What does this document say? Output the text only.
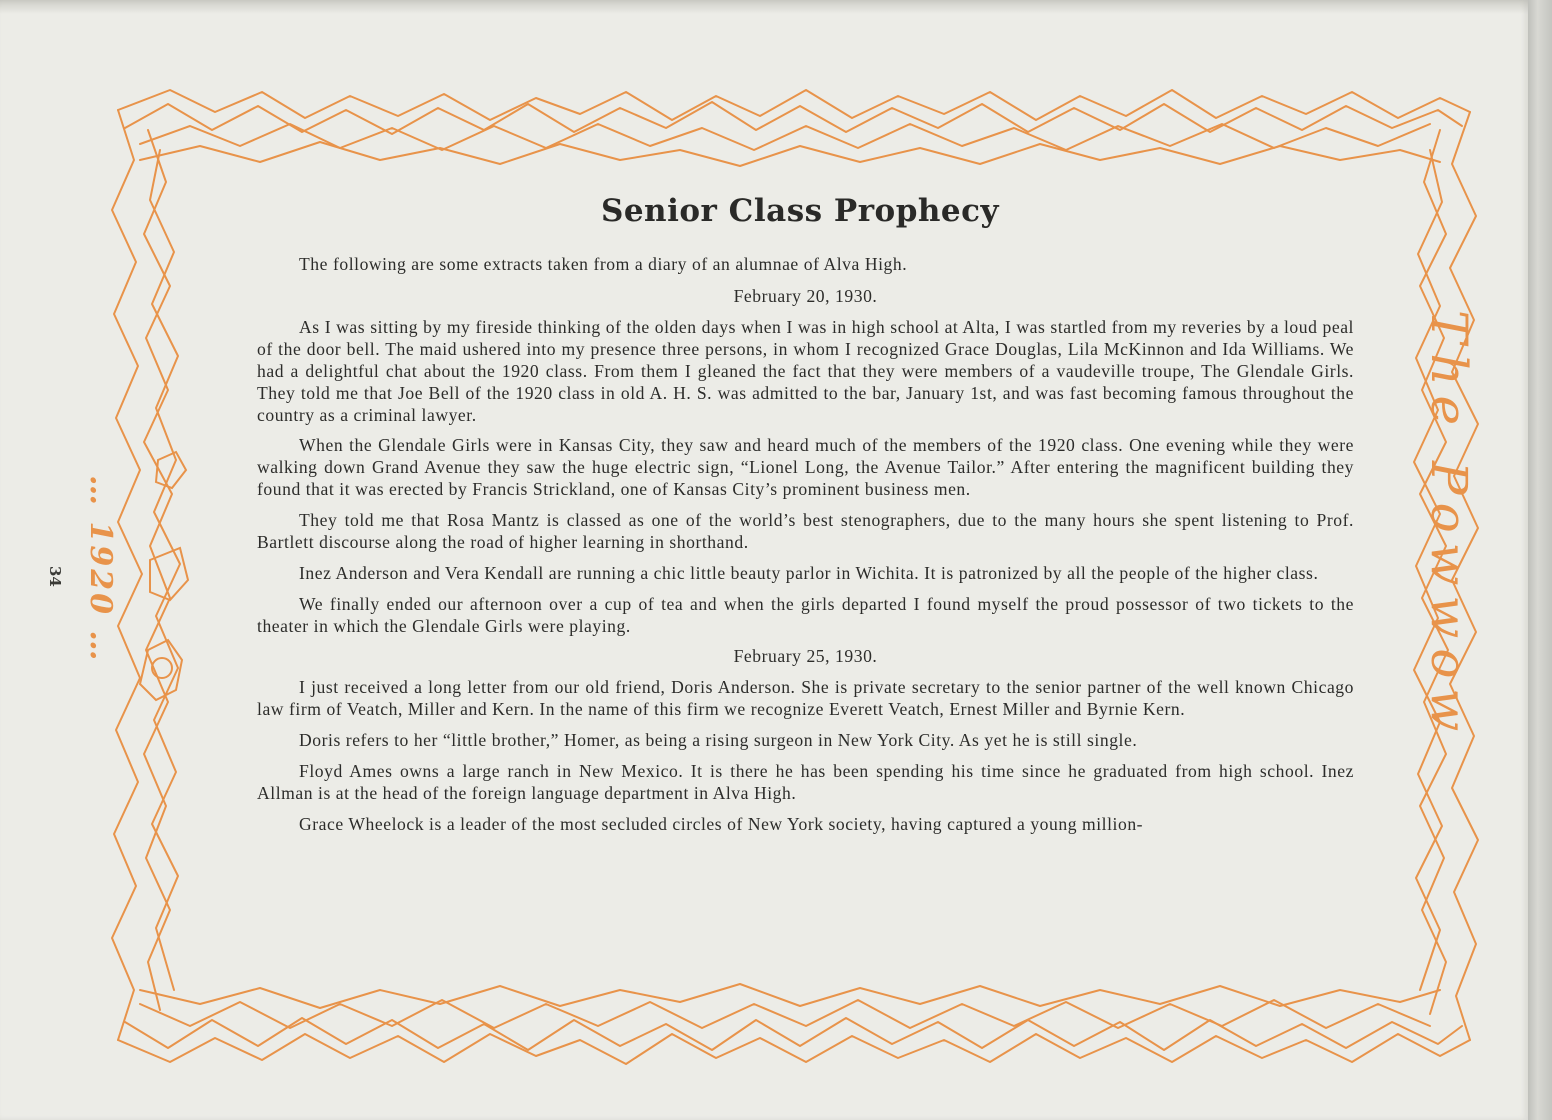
… 1920 …
34	The Powwow
Senior Class Prophecy

The following are some extracts taken from a diary of an alumnae of Alva High.

February 20, 1930.

As I was sitting by my fireside thinking of the olden days when I was in high school at Alta, I was startled from my reveries by a loud peal of the door bell. The maid ushered into my presence three persons, in whom I recognized Grace Douglas, Lila McKinnon and Ida Williams. We had a delightful chat about the 1920 class. From them I gleaned the fact that they were members of a vaudeville troupe, The Glendale Girls. They told me that Joe Bell of the 1920 class in old A. H. S. was admitted to the bar, January 1st, and was fast becoming famous throughout the country as a criminal lawyer.

When the Glendale Girls were in Kansas City, they saw and heard much of the members of the 1920 class. One evening while they were walking down Grand Avenue they saw the huge electric sign, “Lionel Long, the Avenue Tailor.” After entering the magnificent building they found that it was erected by Francis Strickland, one of Kansas City’s prominent business men.

They told me that Rosa Mantz is classed as one of the world’s best stenographers, due to the many hours she spent listening to Prof. Bartlett discourse along the road of higher learning in shorthand.

Inez Anderson and Vera Kendall are running a chic little beauty parlor in Wichita. It is patronized by all the people of the higher class.

We finally ended our afternoon over a cup of tea and when the girls departed I found myself the proud possessor of two tickets to the theater in which the Glendale Girls were playing.

February 25, 1930.

I just received a long letter from our old friend, Doris Anderson. She is private secretary to the senior partner of the well known Chicago law firm of Veatch, Miller and Kern. In the name of this firm we recognize Everett Veatch, Ernest Miller and Byrnie Kern.

Doris refers to her “little brother,” Homer, as being a rising surgeon in New York City. As yet he is still single.

Floyd Ames owns a large ranch in New Mexico. It is there he has been spending his time since he graduated from high school. Inez Allman is at the head of the foreign language department in Alva High.

Grace Wheelock is a leader of the most secluded circles of New York society, having captured a young million-
